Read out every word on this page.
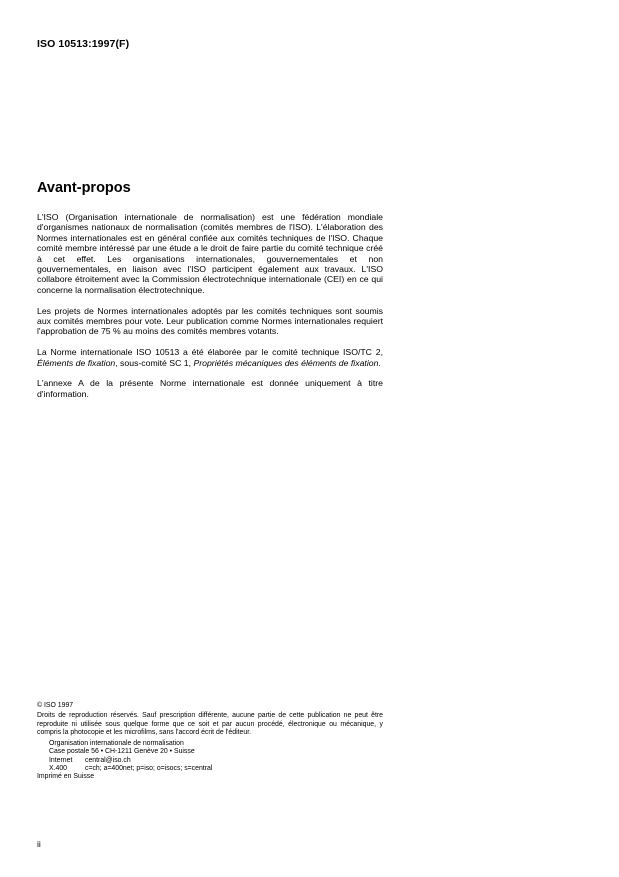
ISO 10513:1997(F)
Avant-propos

L'ISO (Organisation internationale de normalisation) est une fédération mondiale d'organismes nationaux de normalisation (comités membres de l'ISO). L'élaboration des Normes internationales est en général confiée aux comités techniques de l'ISO. Chaque comité membre intéressé par une étude a le droit de faire partie du comité technique créé à cet effet. Les organisations internationales, gouvernementales et non gouvernementales, en liaison avec l'ISO participent également aux travaux. L'ISO collabore étroitement avec la Commission électrotechnique internationale (CEI) en ce qui concerne la normalisation électrotechnique.

Les projets de Normes internationales adoptés par les comités techniques sont soumis aux comités membres pour vote. Leur publication comme Normes internationales requiert l'approbation de 75 % au moins des comités membres votants.

La Norme internationale ISO 10513 a été élaborée par le comité technique ISO/TC 2, Éléments de fixation, sous-comité SC 1, Propriétés mécaniques des éléments de fixation.

L'annexe A de la présente Norme internationale est donnée uniquement à titre d'information.

© ISO 1997
Droits de reproduction réservés. Sauf prescription différente, aucune partie de cette publication ne peut être reproduite ni utilisée sous quelque forme que ce soit et par aucun procédé, électronique ou mécanique, y compris la photocopie et les microfilms, sans l'accord écrit de l'éditeur.
Organisation internationale de normalisation
Case postale 56 • CH-1211 Genève 20 • Suisse
Internet	central@iso.ch
X.400	c=ch; a=400net; p=iso; o=isocs; s=central
Imprimé en Suisse
ii
